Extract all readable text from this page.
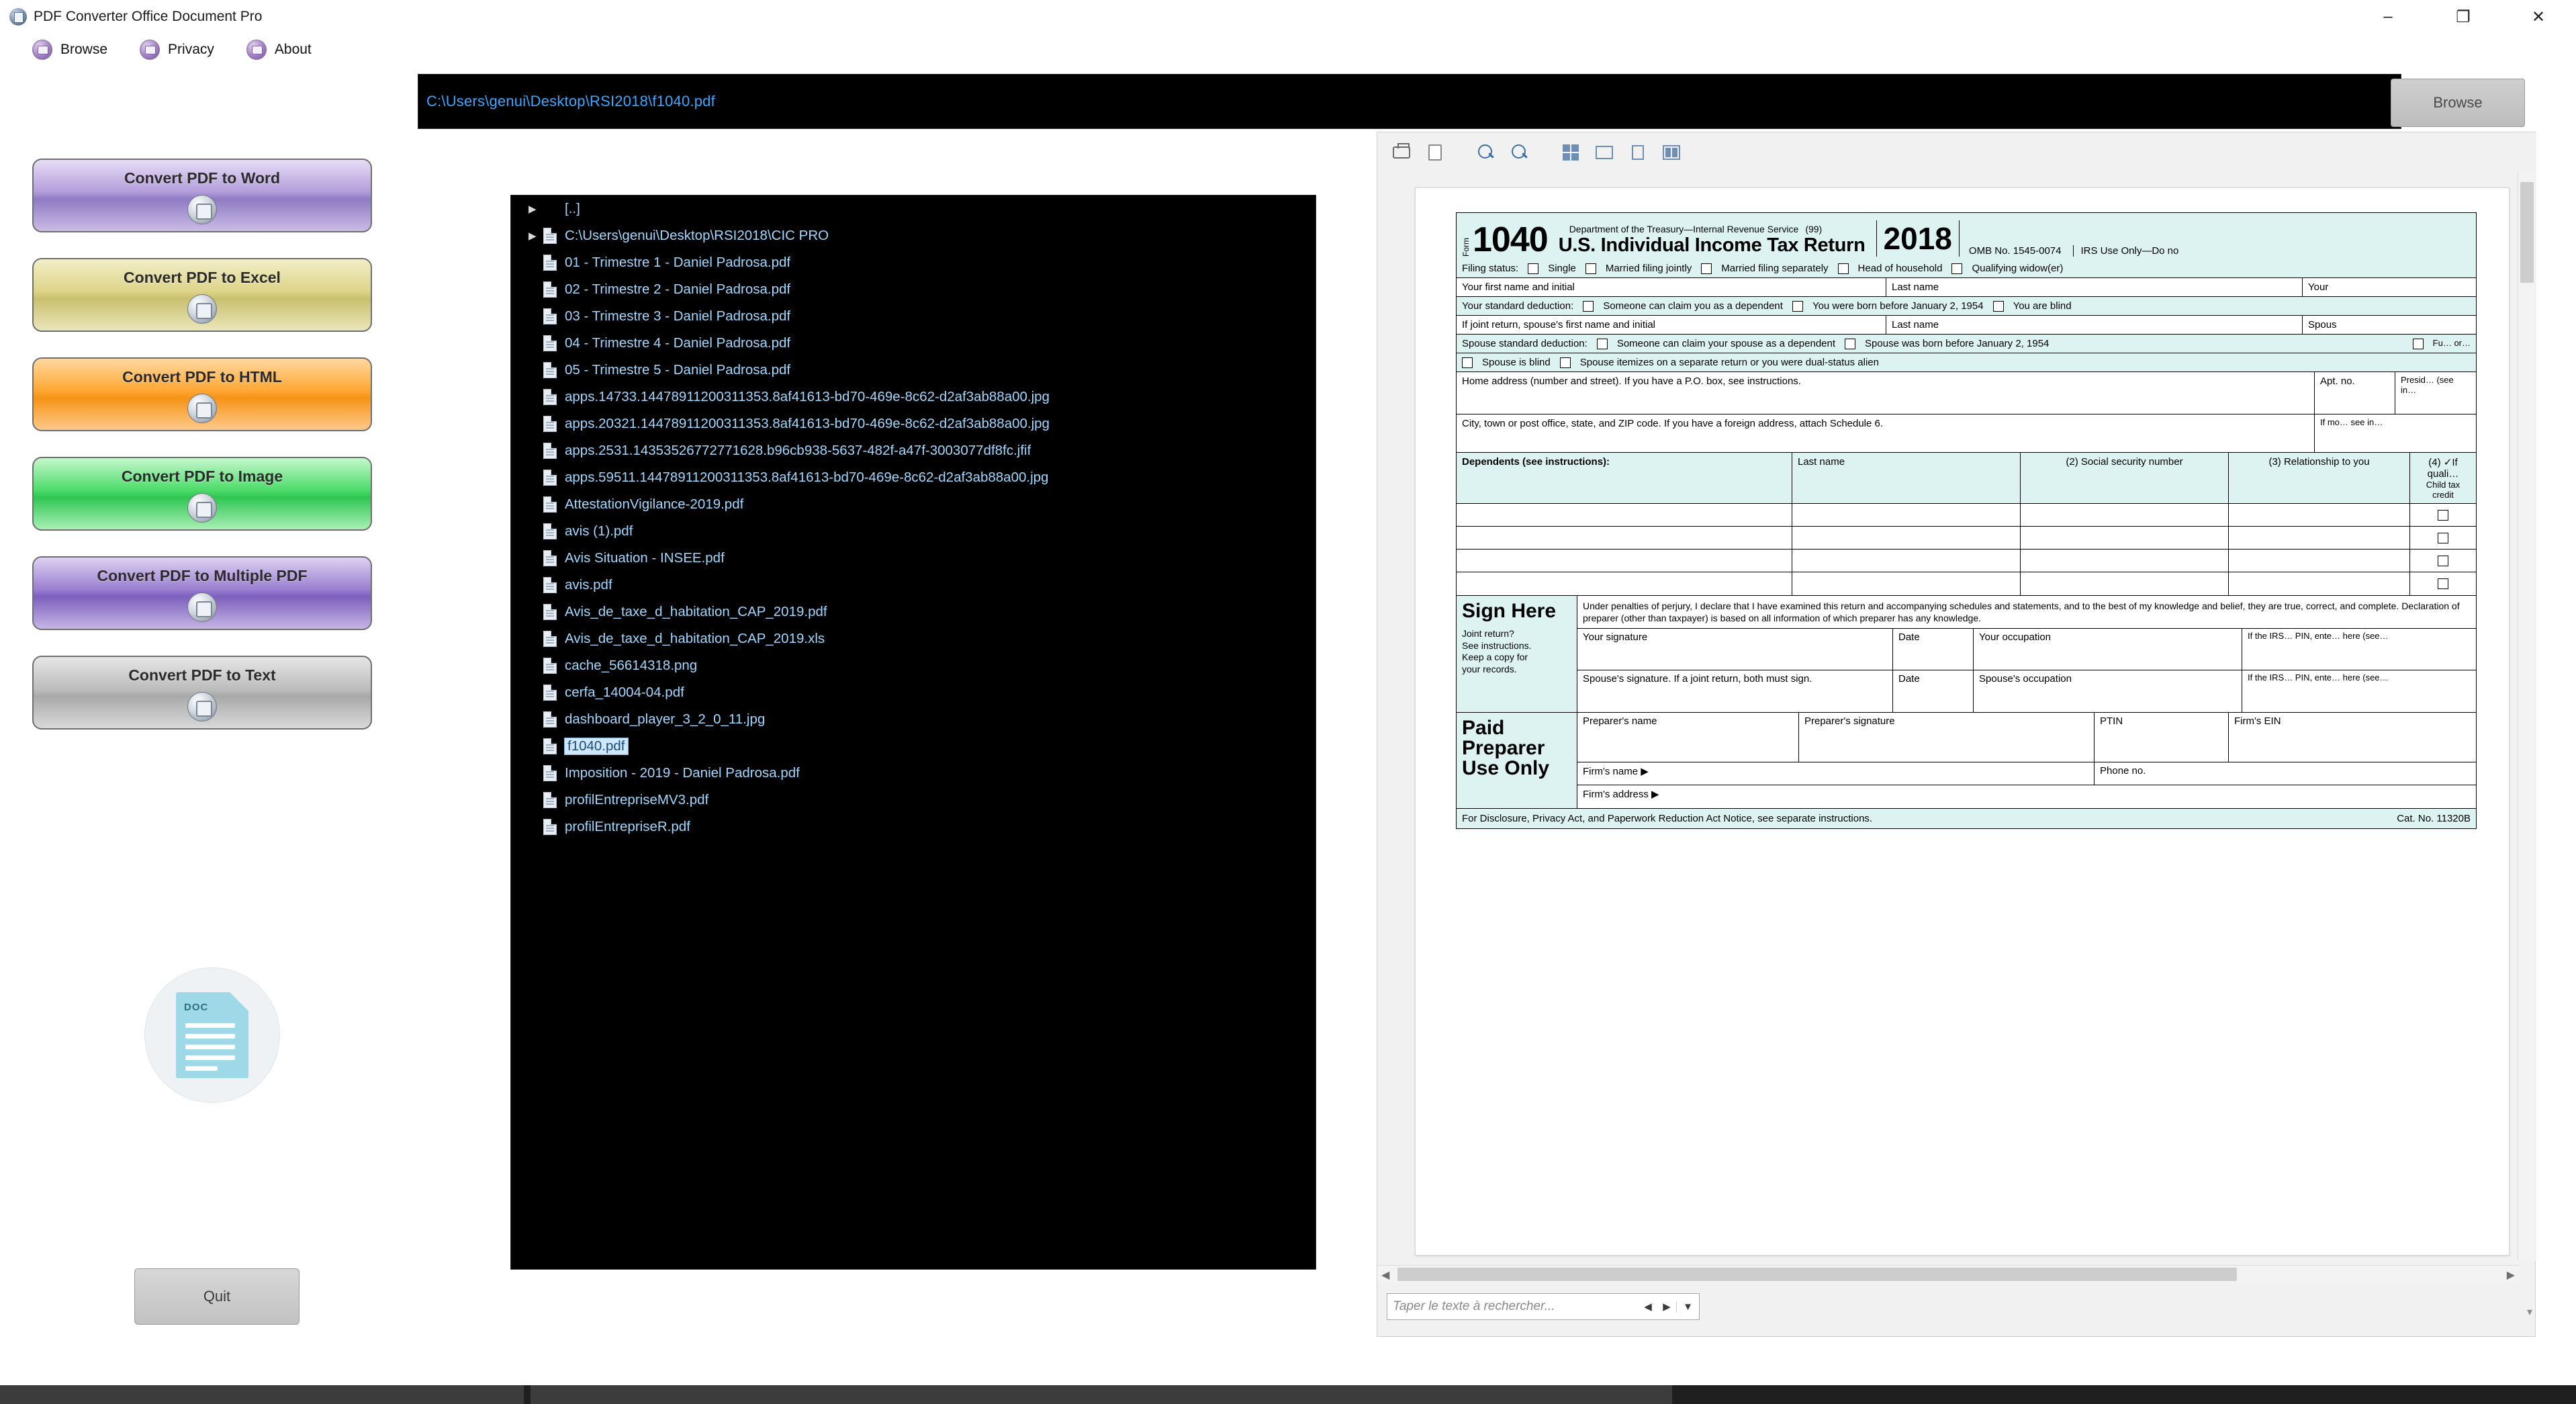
PDF Converter Office Document Pro	–	❐	✕
Browse	Privacy	About
C:\Users\genui\Desktop\RSI2018\f1040.pdf	Browse
Convert PDF to Word
Convert PDF to Excel
Convert PDF to HTML
Convert PDF to Image
Convert PDF to Multiple PDF
Convert PDF to Text
DOC
Quit
▶	[..]
▶	C:\Users\genui\Desktop\RSI2018\CIC PRO
01 - Trimestre 1 - Daniel Padrosa.pdf
02 - Trimestre 2 - Daniel Padrosa.pdf
03 - Trimestre 3 - Daniel Padrosa.pdf
04 - Trimestre 4 - Daniel Padrosa.pdf
05 - Trimestre 5 - Daniel Padrosa.pdf
apps.14733.14478911200311353.8af41613-bd70-469e-8c62-d2af3ab88a00.jpg
apps.20321.14478911200311353.8af41613-bd70-469e-8c62-d2af3ab88a00.jpg
apps.2531.14353526772771628.b96cb938-5637-482f-a47f-3003077df8fc.jfif
apps.59511.14478911200311353.8af41613-bd70-469e-8c62-d2af3ab88a00.jpg
AttestationVigilance-2019.pdf
avis (1).pdf
Avis Situation - INSEE.pdf
avis.pdf
Avis_de_taxe_d_habitation_CAP_2019.pdf
Avis_de_taxe_d_habitation_CAP_2019.xls
cache_56614318.png
cerfa_14004-04.pdf
dashboard_player_3_2_0_11.jpg
f1040.pdf
Imposition - 2019 - Daniel Padrosa.pdf
profilEntrepriseMV3.pdf
profilEntrepriseR.pdf
▾
Form 1040 Department of the Treasury—Internal Revenue Service (99)
U.S. Individual Income Tax Return 2018	OMB No. 1545-0074	IRS Use Only—Do no
Filing status:	Single	Married filing jointly	Married filing separately	Head of household	Qualifying widow(er)
Your first name and initial	Last name	Your
Your standard deduction:	Someone can claim you as a dependent	You were born before January 2, 1954	You are blind
If joint return, spouse's first name and initial	Last name	Spous
Spouse standard deduction:	Someone can claim your spouse as a dependent	Spouse was born before January 2, 1954	Fu… or…
Spouse is blind	Spouse itemizes on a separate return or you were dual-status alien
Home address (number and street). If you have a P.O. box, see instructions.	Apt. no.	Presid… (see in…
City, town or post office, state, and ZIP code. If you have a foreign address, attach Schedule 6.	If mo… see in…
Dependents (see instructions):	Last name	(2) Social security number	(3) Relationship to you	(4) ✓If quali…
Child tax credit
Sign Here
Joint return?
See instructions.
Keep a copy for
your records.
Under penalties of perjury, I declare that I have examined this return and accompanying schedules and statements, and to the best of my knowledge and belief, they are true, correct, and complete. Declaration of preparer (other than taxpayer) is based on all information of which preparer has any knowledge.
Your signature	Date	Your occupation	If the IRS… PIN, ente… here (see…
Spouse's signature. If a joint return, both must sign.	Date	Spouse's occupation	If the IRS… PIN, ente… here (see…
Paid Preparer Use Only
Preparer's name	Preparer's signature	PTIN	Firm's EIN
Firm's name ▶	Phone no.
Firm's address ▶
For Disclosure, Privacy Act, and Paperwork Reduction Act Notice, see separate instructions.	Cat. No. 11320B
◀	▶
Taper le texte à rechercher...	◀	▶	▼
